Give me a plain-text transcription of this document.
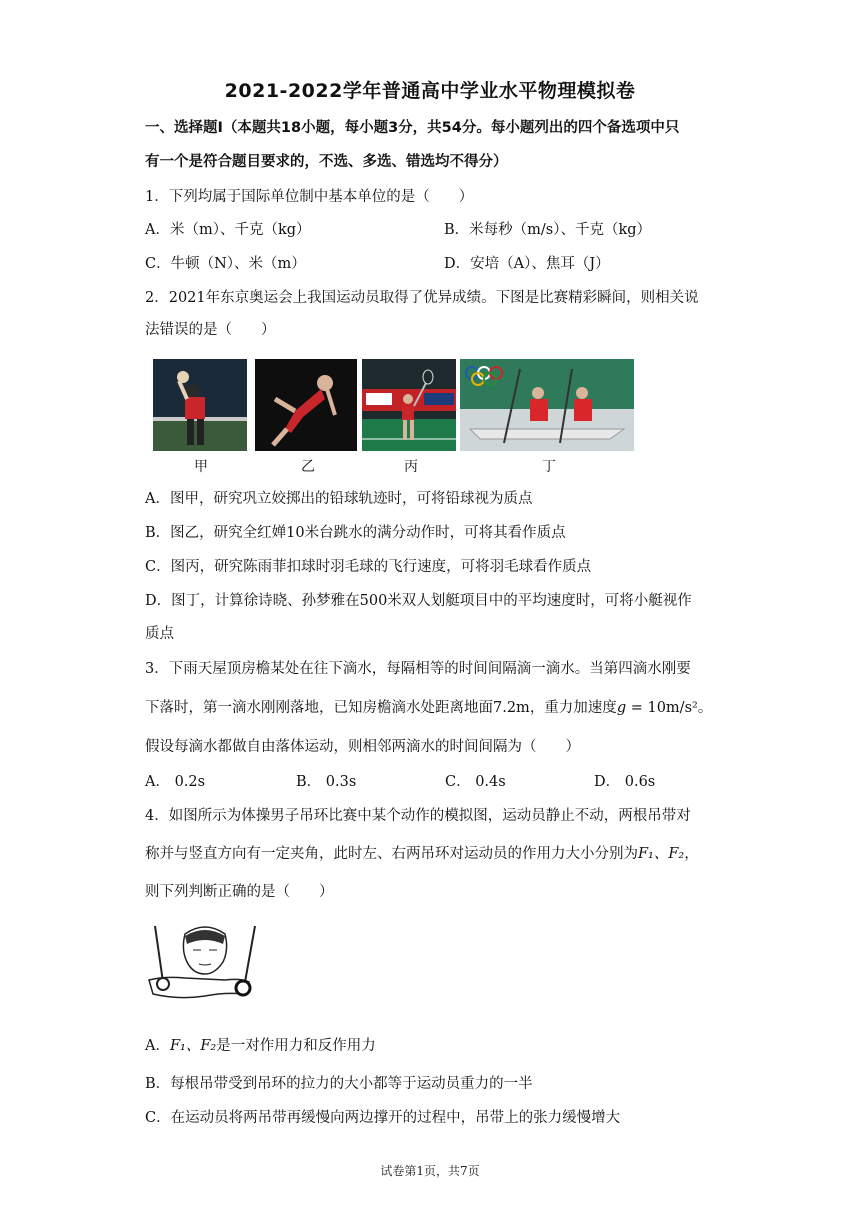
2021-2022学年普通高中学业水平物理模拟卷
一、选择题Ⅰ（本题共18小题，每小题3分，共54分。每小题列出的四个备选项中只
有一个是符合题目要求的，不选、多选、错选均不得分）
1．下列均属于国际单位制中基本单位的是（　　）
A．米（m）、千克（kg）	B．米每秒（m/s）、千克（kg）
C．牛顿（N）、米（m）	D．安培（A）、焦耳（J）
2．2021年东京奥运会上我国运动员取得了优异成绩。下图是比赛精彩瞬间，则相关说
法错误的是（　　）
甲	乙	丙	丁
A．图甲，研究巩立姣掷出的铅球轨迹时，可将铅球视为质点
B．图乙，研究全红婵10米台跳水的满分动作时，可将其看作质点
C．图丙，研究陈雨菲扣球时羽毛球的飞行速度，可将羽毛球看作质点
D．图丁，计算徐诗晓、孙梦雅在500米双人划艇项目中的平均速度时，可将小艇视作
质点
3．下雨天屋顶房檐某处在往下滴水，每隔相等的时间间隔滴一滴水。当第四滴水刚要
下落时，第一滴水刚刚落地，已知房檐滴水处距离地面7.2m，重力加速度g = 10m/s²。
假设每滴水都做自由落体运动，则相邻两滴水的时间间隔为（　　）
A． 0.2s	B． 0.3s	C． 0.4s	D． 0.6s
4．如图所示为体操男子吊环比赛中某个动作的模拟图，运动员静止不动，两根吊带对
称并与竖直方向有一定夹角，此时左、右两吊环对运动员的作用力大小分别为F₁、F₂，
则下列判断正确的是（　　）
A．F₁、F₂是一对作用力和反作用力
B．每根吊带受到吊环的拉力的大小都等于运动员重力的一半
C．在运动员将两吊带再缓慢向两边撑开的过程中，吊带上的张力缓慢增大
试卷第1页，共7页
